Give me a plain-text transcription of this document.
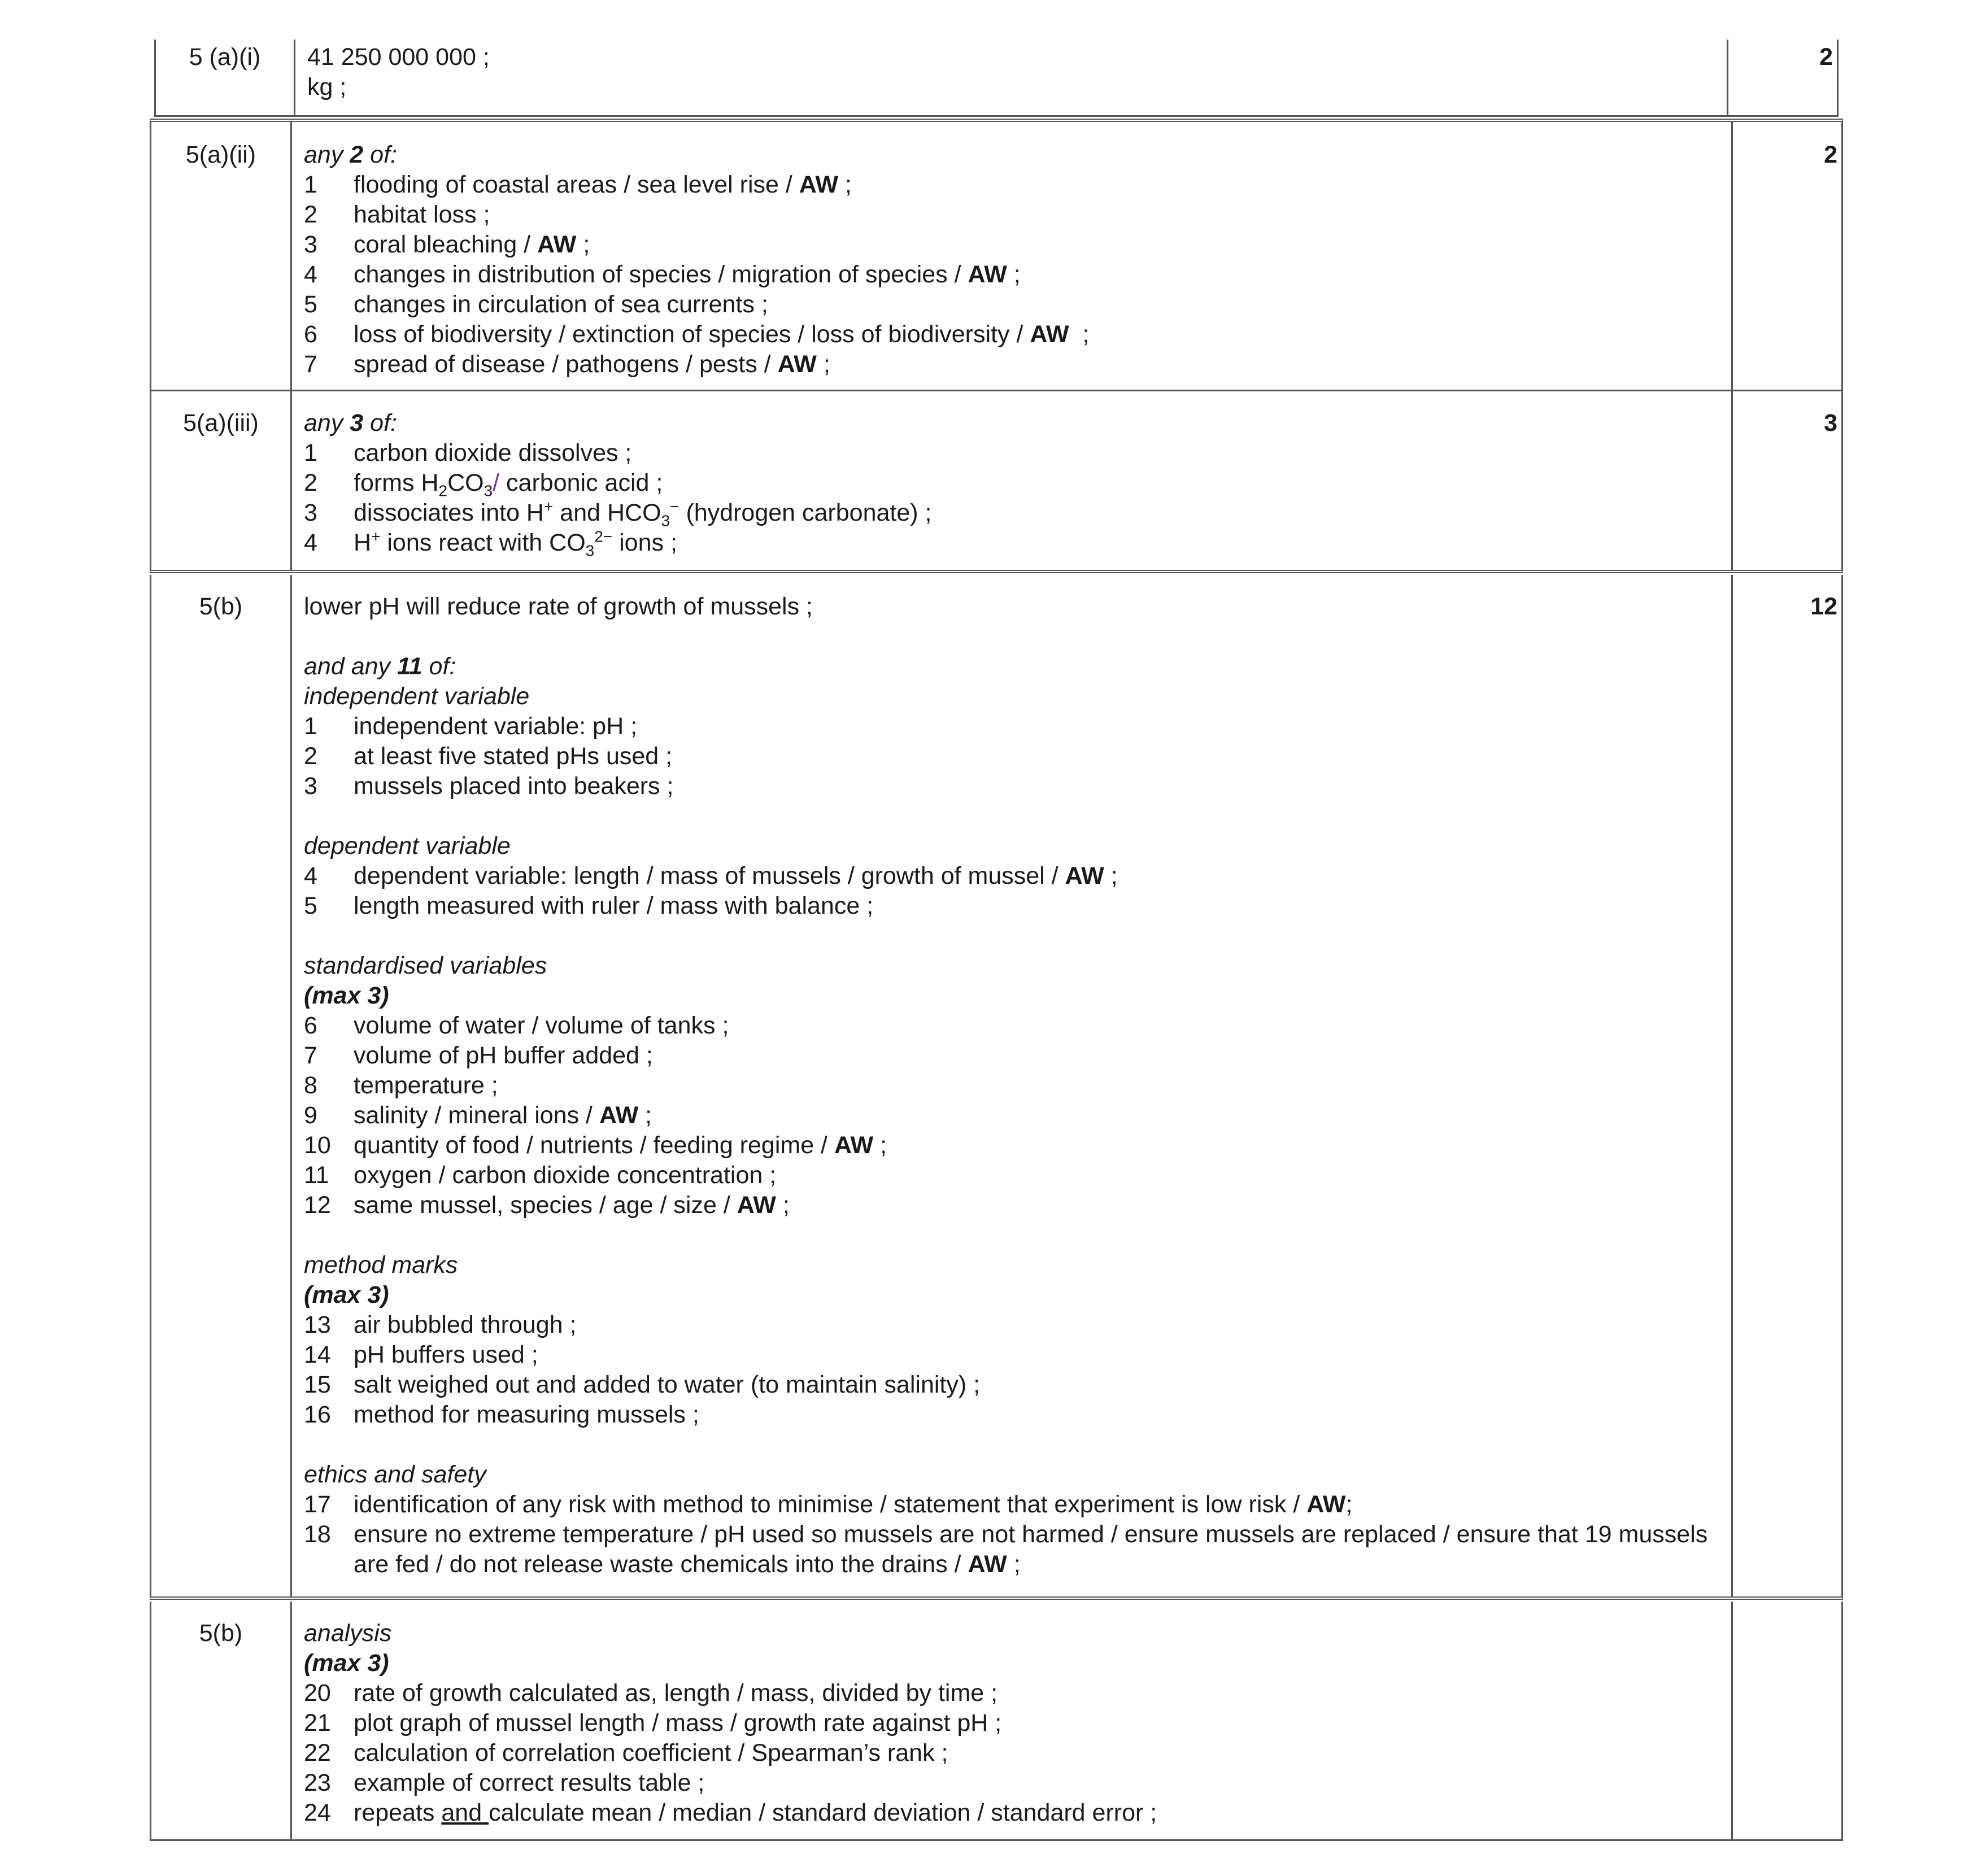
5 (a)(i)	41 250 000 000 ;
kg ;
2
5(a)(ii)	any 2 of:
1	flooding of coastal areas / sea level rise / AW ;
2	habitat loss ;
3	coral bleaching / AW ;
4	changes in distribution of species / migration of species / AW ;
5	changes in circulation of sea currents ;
6	loss of biodiversity / extinction of species / loss of biodiversity / AW  ;
7	spread of disease / pathogens / pests / AW ;
2
5(a)(iii)	any 3 of:
1	carbon dioxide dissolves ;
2	forms $H_2CO_3/$ carbonic acid ;
3	dissociates into H+ and $HCO_3^-$ (hydrogen carbonate) ;
4	H+ ions react with $CO_3^{2-}$ ions ;
3
5(b)	lower pH will reduce rate of growth of mussels ;
and any 11 of:
independent variable
1	independent variable: pH ;
2	at least five stated pHs used ;
3	mussels placed into beakers ;
dependent variable
4	dependent variable: length / mass of mussels / growth of mussel / AW ;
5	length measured with ruler / mass with balance ;
standardised variables
(max 3)
6	volume of water / volume of tanks ;
7	volume of pH buffer added ;
8	temperature ;
9	salinity / mineral ions / AW ;
10 quantity of food / nutrients / feeding regime / AW ;
11	oxygen / carbon dioxide concentration ;
12 same mussel, species / age / size / AW ;
method marks
(max 3)
13 air bubbled through ;
14 pH buffers used ;
15 salt weighed out and added to water (to maintain salinity) ;
16 method for measuring mussels ;
ethics and safety
17 identification of any risk with method to minimise / statement that experiment is low risk / AW;
18 ensure no extreme temperature / pH used so mussels are not harmed / ensure mussels are replaced / ensure that 19 mussels are fed / do not release waste chemicals into the drains / AW ;
12
5(b)	analysis
(max 3)
20 rate of growth calculated as, length / mass, divided by time ;
21 plot graph of mussel length / mass / growth rate against pH ;
22 calculation of correlation coefficient / Spearman’s rank ;
23 example of correct results table ;
24 repeats and calculate mean / median / standard deviation / standard error ;
